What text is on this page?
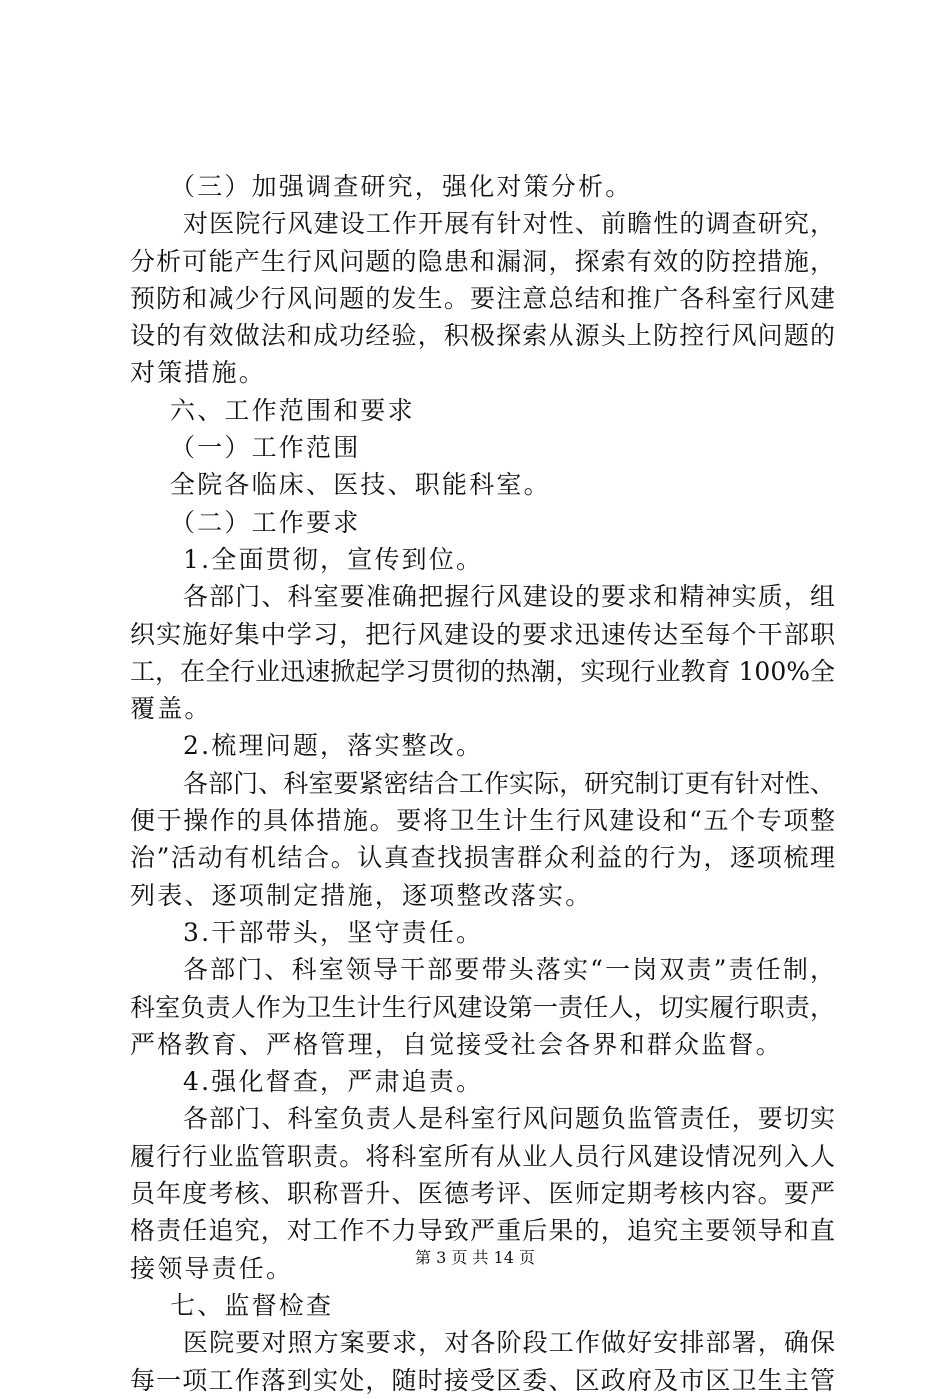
（三）加强调查研究，强化对策分析。
对医院行风建设工作开展有针对性、前瞻性的调查研究，
分析可能产生行风问题的隐患和漏洞，探索有效的防控措施，
预防和减少行风问题的发生。要注意总结和推广各科室行风建
设的有效做法和成功经验，积极探索从源头上防控行风问题的
对策措施。
六、工作范围和要求
（一）工作范围
全院各临床、医技、职能科室。
（二）工作要求
1.全面贯彻，宣传到位。
各部门、科室要准确把握行风建设的要求和精神实质，组
织实施好集中学习，把行风建设的要求迅速传达至每个干部职
工，在全行业迅速掀起学习贯彻的热潮，实现行业教育 100%全
覆盖。
2.梳理问题，落实整改。
各部门、科室要紧密结合工作实际，研究制订更有针对性、
便于操作的具体措施。要将卫生计生行风建设和“五个专项整
治”活动有机结合。认真查找损害群众利益的行为，逐项梳理
列表、逐项制定措施，逐项整改落实。
3.干部带头，坚守责任。
各部门、科室领导干部要带头落实“一岗双责”责任制，
科室负责人作为卫生计生行风建设第一责任人，切实履行职责，
严格教育、严格管理，自觉接受社会各界和群众监督。
4.强化督查，严肃追责。
各部门、科室负责人是科室行风问题负监管责任，要切实
履行行业监管职责。将科室所有从业人员行风建设情况列入人
员年度考核、职称晋升、医德考评、医师定期考核内容。要严
格责任追究，对工作不力导致严重后果的，追究主要领导和直
接领导责任。
七、监督检查
医院要对照方案要求，对各阶段工作做好安排部署，确保
每一项工作落到实处，随时接受区委、区政府及市区卫生主管
第 3 页 共 14 页
